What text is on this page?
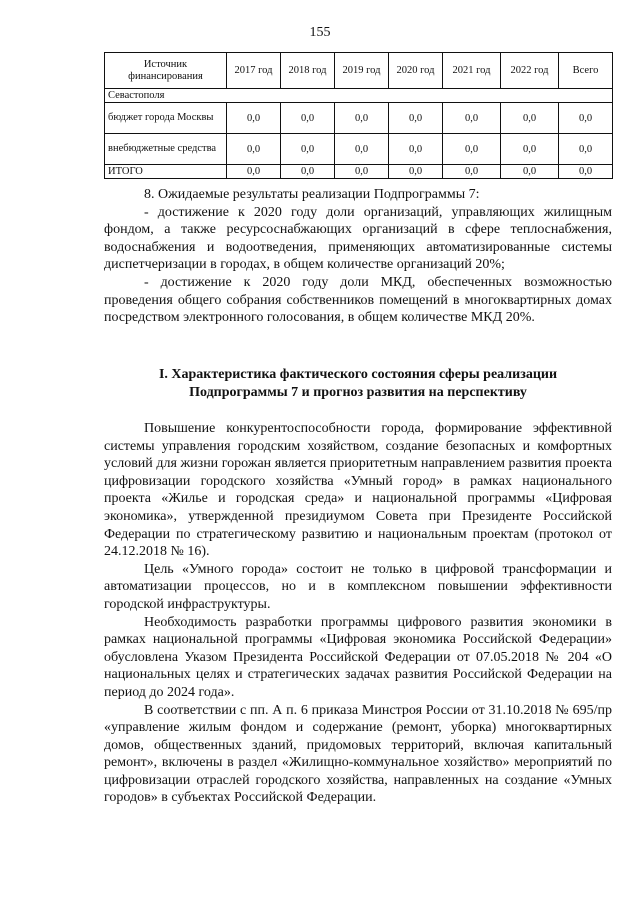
155
Источник финансирования	2017 год	2018 год	2019 год	2020 год	2021 год	2022 год	Всего
Севастополя							
бюджет города Москвы	0,0	0,0	0,0	0,0	0,0	0,0	0,0
внебюджетные средства	0,0	0,0	0,0	0,0	0,0	0,0	0,0
ИТОГО	0,0	0,0	0,0	0,0	0,0	0,0	0,0

8. Ожидаемые результаты реализации Подпрограммы 7:

- достижение к 2020 году доли организаций, управляющих жилищным фондом, а также ресурсоснабжающих организаций в сфере теплоснабжения, водоснабжения и водоотведения, применяющих автоматизированные системы диспетчеризации в городах, в общем количестве организаций 20%;

- достижение к 2020 году доли МКД, обеспеченных возможностью проведения общего собрания собственников помещений в многоквартирных домах посредством электронного голосования, в общем количестве МКД 20%.

I. Характеристика фактического состояния сферы реализации
Подпрограммы 7 и прогноз развития на перспективу

Повышение конкурентоспособности города, формирование эффективной системы управления городским хозяйством, создание безопасных и комфортных условий для жизни горожан является приоритетным направлением развития проекта цифровизации городского хозяйства «Умный город» в рамках национального проекта «Жилье и городская среда» и национальной программы «Цифровая экономика», утвержденной президиумом Совета при Президенте Российской Федерации по стратегическому развитию и национальным проектам (протокол от 24.12.2018 № 16).

Цель «Умного города» состоит не только в цифровой трансформации и автоматизации процессов, но и в комплексном повышении эффективности городской инфраструктуры.

Необходимость разработки программы цифрового развития экономики в рамках национальной программы «Цифровая экономика Российской Федерации» обусловлена Указом Президента Российской Федерации от 07.05.2018 № 204 «О национальных целях и стратегических задачах развития Российской Федерации на период до 2024 года».

В соответствии с пп. А п. 6 приказа Минстроя России от 31.10.2018 № 695/пр «управление жилым фондом и содержание (ремонт, уборка) многоквартирных домов, общественных зданий, придомовых территорий, включая капитальный ремонт», включены в раздел «Жилищно-коммунальное хозяйство» мероприятий по цифровизации отраслей городского хозяйства, направленных на создание «Умных городов» в субъектах Российской Федерации.
